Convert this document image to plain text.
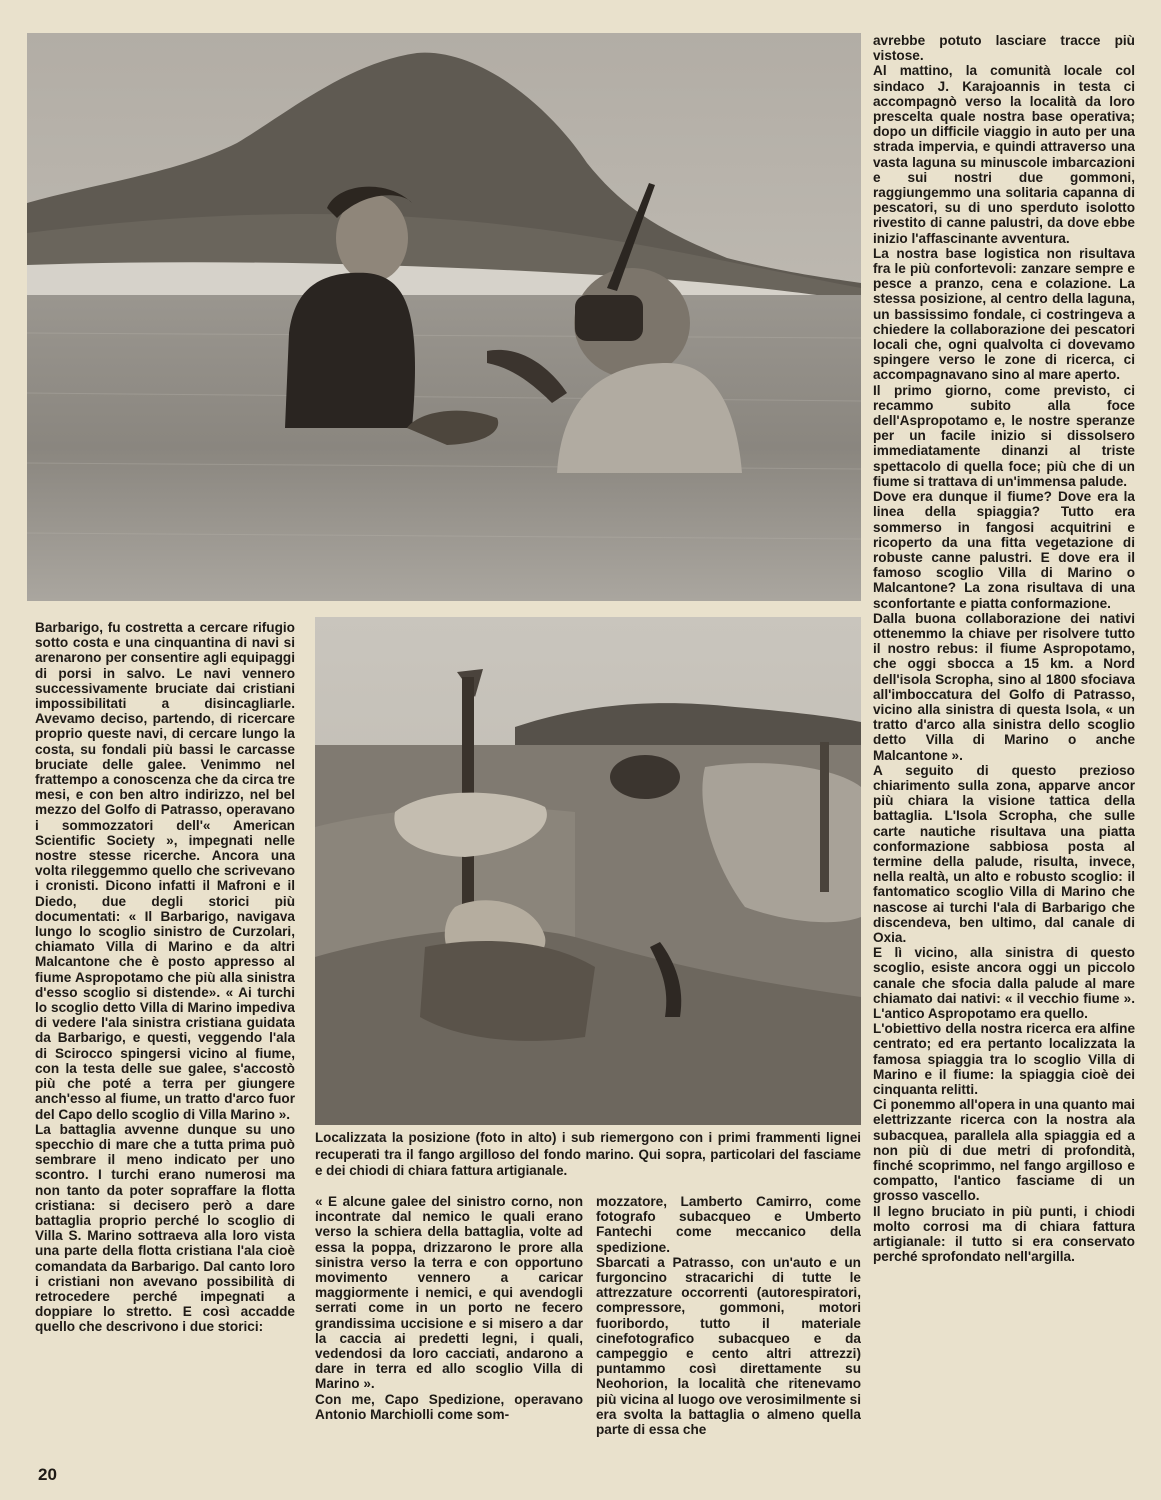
Localizzata la posizione (foto in alto) i sub riemergono con i primi frammenti lignei recuperati tra il fango argilloso del fondo marino. Qui sopra, particolari del fasciame e dei chiodi di chiara fattura artigianale.

Barbarigo, fu costretta a cercare rifugio sotto costa e una cinquantina di navi si arenarono per consentire agli equipaggi di porsi in salvo. Le navi vennero successivamente bruciate dai cristiani impossibilitati a disincagliarle. Avevamo deciso, partendo, di ricercare proprio queste navi, di cercare lungo la costa, su fondali più bassi le carcasse bruciate delle galee. Venimmo nel frattempo a conoscenza che da circa tre mesi, e con ben altro indirizzo, nel bel mezzo del Golfo di Patrasso, operavano i sommozzatori dell'« American Scientific Society », impegnati nelle nostre stesse ricerche. Ancora una volta rileggemmo quello che scrivevano i cronisti. Dicono infatti il Mafroni e il Diedo, due degli storici più documentati: « Il Barbarigo, navigava lungo lo scoglio sinistro de Curzolari, chiamato Villa di Marino e da altri Malcantone che è posto appresso al fiume Aspropotamo che più alla sinistra d'esso scoglio si distende». « Ai turchi lo scoglio detto Villa di Marino impediva di vedere l'ala sinistra cristiana guidata da Barbarigo, e questi, veggendo l'ala di Scirocco spingersi vicino al fiume, con la testa delle sue galee, s'accostò più che poté a terra per giungere anch'esso al fiume, un tratto d'arco fuor del Capo dello scoglio di Villa Marino ».

La battaglia avvenne dunque su uno specchio di mare che a tutta prima può sembrare il meno indicato per uno scontro. I turchi erano numerosi ma non tanto da poter sopraffare la flotta cristiana: si decisero però a dare battaglia proprio perché lo scoglio di Villa S. Marino sottraeva alla loro vista una parte della flotta cristiana l'ala cioè comandata da Barbarigo. Dal canto loro i cristiani non avevano possibilità di retrocedere perché impegnati a doppiare lo stretto. E così accadde quello che descrivono i due storici:

« E alcune galee del sinistro corno, non incontrate dal nemico le quali erano verso la schiera della battaglia, volte ad essa la poppa, drizzarono le prore alla sinistra verso la terra e con opportuno movimento vennero a caricar maggiormente i nemici, e qui avendogli serrati come in un porto ne fecero grandissima uccisione e si misero a dar la caccia ai predetti legni, i quali, vedendosi da loro cacciati, andarono a dare in terra ed allo scoglio Villa di Marino ».

Con me, Capo Spedizione, operavano Antonio Marchiolli come som-

mozzatore, Lamberto Camirro, come fotografo subacqueo e Umberto Fantechi come meccanico della spedizione.

Sbarcati a Patrasso, con un'auto e un furgoncino stracarichi di tutte le attrezzature occorrenti (autorespiratori, compressore, gommoni, motori fuoribordo, tutto il materiale cinefotografico subacqueo e da campeggio e cento altri attrezzi) puntammo così direttamente su Neohorion, la località che ritenevamo più vicina al luogo ove verosimilmente si era svolta la battaglia o almeno quella parte di essa che

avrebbe potuto lasciare tracce più vistose.

Al mattino, la comunità locale col sindaco J. Karajoannis in testa ci accompagnò verso la località da loro prescelta quale nostra base operativa; dopo un difficile viaggio in auto per una strada impervia, e quindi attraverso una vasta laguna su minuscole imbarcazioni e sui nostri due gommoni, raggiungemmo una solitaria capanna di pescatori, su di uno sperduto isolotto rivestito di canne palustri, da dove ebbe inizio l'affascinante avventura.

La nostra base logistica non risultava fra le più confortevoli: zanzare sempre e pesce a pranzo, cena e colazione. La stessa posizione, al centro della laguna, un bassissimo fondale, ci costringeva a chiedere la collaborazione dei pescatori locali che, ogni qualvolta ci dovevamo spingere verso le zone di ricerca, ci accompagnavano sino al mare aperto.

Il primo giorno, come previsto, ci recammo subito alla foce dell'Aspropotamo e, le nostre speranze per un facile inizio si dissolsero immediatamente dinanzi al triste spettacolo di quella foce; più che di un fiume si trattava di un'immensa palude.

Dove era dunque il fiume? Dove era la linea della spiaggia? Tutto era sommerso in fangosi acquitrini e ricoperto da una fitta vegetazione di robuste canne palustri. E dove era il famoso scoglio Villa di Marino o Malcantone? La zona risultava di una sconfortante e piatta conformazione.

Dalla buona collaborazione dei nativi ottenemmo la chiave per risolvere tutto il nostro rebus: il fiume Aspropotamo, che oggi sbocca a 15 km. a Nord dell'isola Scropha, sino al 1800 sfociava all'imboccatura del Golfo di Patrasso, vicino alla sinistra di questa Isola, « un tratto d'arco alla sinistra dello scoglio detto Villa di Marino o anche Malcantone ».

A seguito di questo prezioso chiarimento sulla zona, apparve ancor più chiara la visione tattica della battaglia. L'Isola Scropha, che sulle carte nautiche risultava una piatta conformazione sabbiosa posta al termine della palude, risulta, invece, nella realtà, un alto e robusto scoglio: il fantomatico scoglio Villa di Marino che nascose ai turchi l'ala di Barbarigo che discendeva, ben ultimo, dal canale di Oxia.

E lì vicino, alla sinistra di questo scoglio, esiste ancora oggi un piccolo canale che sfocia dalla palude al mare chiamato dai nativi: « il vecchio fiume ». L'antico Aspropotamo era quello.

L'obiettivo della nostra ricerca era alfine centrato; ed era pertanto localizzata la famosa spiaggia tra lo scoglio Villa di Marino e il fiume: la spiaggia cioè dei cinquanta relitti.

Ci ponemmo all'opera in una quanto mai elettrizzante ricerca con la nostra ala subacquea, parallela alla spiaggia ed a non più di due metri di profondità, finché scoprimmo, nel fango argilloso e compatto, l'antico fasciame di un grosso vascello.

Il legno bruciato in più punti, i chiodi molto corrosi ma di chiara fattura artigianale: il tutto si era conservato perché sprofondato nell'argilla.

20
